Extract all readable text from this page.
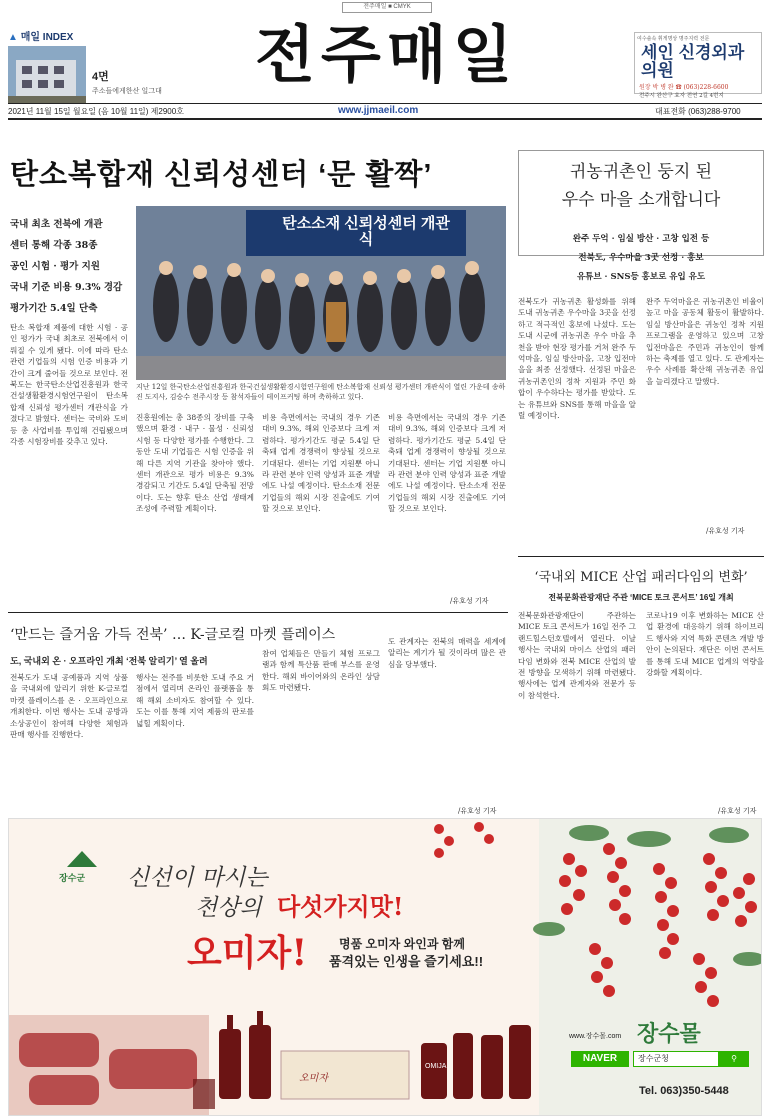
전주매일 ■ CMYK
▲ 매일 INDEX
4면
주소들에게한산 일그대
전주매일	여수솔속 휘게명상 명주지력 전문
세인 신경외과 의원
원장 박 병 완 ☎ (063)228-6600
전주시 완산구 효자 전연 2길 4번지
2021년 11월 15일 월요일 (음 10월 11일) 제2900호	www.jjmaeil.com	대표전화 (063)288-9700
탄소복합재 신뢰성센터 ‘문 활짝’
국내 최초 전북에 개관
센터 통해 각종 38종
공인 시험 · 평가 지원
국내 기준 비용 9.3% 경감
평가기간 5.4일 단축
탄소소재 신뢰성센터 개관식
지난 12일 한국탄소산업진흥원과 한국건설생활환경시험연구원에 탄소복합재 신뢰성 평가센터 개관식이 열린 가운데 송하진 도지사, 김승수 전주시장 등 참석자들이 테이프커팅 하며 축하하고 있다.
탄소 복합재 제품에 대한 시험 · 공인 평가가 국내 최초로 전북에서 이뤄질 수 있게 됐다. 이에 따라 탄소 관련 기업들의 시험 인증 비용과 기간이 크게 줄어들 것으로 보인다. 전북도는 한국탄소산업진흥원과 한국건설생활환경시험연구원이 탄소복합재 신뢰성 평가센터 개관식을 가졌다고 밝혔다. 센터는 국비와 도비 등 총 사업비를 투입해 건립됐으며 각종 시험장비를 갖추고 있다.
진흥원에는 총 38종의 장비를 구축했으며 환경 · 내구 · 물성 · 신뢰성 시험 등 다양한 평가를 수행한다. 그동안 도내 기업들은 시험 인증을 위해 다른 지역 기관을 찾아야 했다. 센터 개관으로 평가 비용은 9.3% 경감되고 기간도 5.4일 단축될 전망이다. 도는 향후 탄소 산업 생태계 조성에 주력할 계획이다.
비용 측면에서는 국내의 경우 기존 대비 9.3%, 해외 인증보다 크게 저렴하다. 평가기간도 평균 5.4일 단축돼 업계 경쟁력이 향상될 것으로 기대된다. 센터는 기업 지원뿐 아니라 관련 분야 인력 양성과 표준 개발에도 나설 예정이다. 탄소소재 전문 기업들의 해외 시장 진출에도 기여할 것으로 보인다.
비용 측면에서는 국내의 경우 기존 대비 9.3%, 해외 인증보다 크게 저렴하다. 평가기간도 평균 5.4일 단축돼 업계 경쟁력이 향상될 것으로 기대된다. 센터는 기업 지원뿐 아니라 관련 분야 인력 양성과 표준 개발에도 나설 예정이다. 탄소소재 전문 기업들의 해외 시장 진출에도 기여할 것으로 보인다.
/유호성 기자
귀농귀촌인 둥지 된
우수 마을 소개합니다
완주 두억 · 임실 방산 · 고창 입전 등
전북도, 우수마을 3곳 선정 · 홍보
유튜브 · SNS등 홍보로 유입 유도
전북도가 귀농귀촌 활성화를 위해 도내 귀농귀촌 우수마을 3곳을 선정하고 적극적인 홍보에 나섰다. 도는 도내 시군에 귀농귀촌 우수 마을 추천을 받아 현장 평가를 거쳐 완주 두억마을, 임실 방산마을, 고창 입전마을을 최종 선정했다. 선정된 마을은 귀농귀촌인의 정착 지원과 주민 화합이 우수하다는 평가를 받았다. 도는 유튜브와 SNS를 통해 마을을 알릴 예정이다.
완주 두억마을은 귀농귀촌인 비율이 높고 마을 공동체 활동이 활발하다. 임실 방산마을은 귀농인 정착 지원 프로그램을 운영하고 있으며 고창 입전마을은 주민과 귀농인이 함께 하는 축제를 열고 있다. 도 관계자는 우수 사례를 확산해 귀농귀촌 유입을 늘리겠다고 말했다.
/유호성 기자
‘국내외 MICE 산업 패러다임의 변화’
전북문화관광재단 주관 ‘MICE 토크 콘서트’ 16일 개최
전북문화관광재단이 주관하는 MICE 토크 콘서트가 16일 전주 그랜드힐스턴호텔에서 열린다. 이날 행사는 국내외 마이스 산업의 패러다임 변화와 전북 MICE 산업의 발전 방향을 모색하기 위해 마련됐다. 행사에는 업계 관계자와 전문가 등이 참석한다.
코로나19 이후 변화하는 MICE 산업 환경에 대응하기 위해 하이브리드 행사와 지역 특화 콘텐츠 개발 방안이 논의된다. 재단은 이번 콘서트를 통해 도내 MICE 업계의 역량을 강화할 계획이다.
/유호성 기자
‘만드는 즐거움 가득 전북’ … K-글로컬 마켓 플레이스
도, 국내외 온 · 오프라인 개최 ‘전북 알리기’ 열 올려
전북도가 도내 공예품과 지역 상품을 국내외에 알리기 위한 K-글로컬 마켓 플레이스를 온 · 오프라인으로 개최한다. 이번 행사는 도내 공방과 소상공인이 참여해 다양한 체험과 판매 행사를 진행한다.
행사는 전주를 비롯한 도내 주요 거점에서 열리며 온라인 플랫폼을 통해 해외 소비자도 참여할 수 있다. 도는 이를 통해 지역 제품의 판로를 넓힐 계획이다.
참여 업체들은 만들기 체험 프로그램과 함께 특산품 판매 부스를 운영한다. 해외 바이어와의 온라인 상담회도 마련됐다.
도 관계자는 전북의 매력을 세계에 알리는 계기가 될 것이라며 많은 관심을 당부했다.
/유호성 기자
장수군 신선이 마시는
천상의 다섯가지맛!
오미자!	명품 오미자 와인과 함께
품격있는 인생을 즐기세요!!
오미자
OMIJA
장수몰
www.장수몰.com
NAVER	장수군청	⚲
Tel. 063)350-5448
